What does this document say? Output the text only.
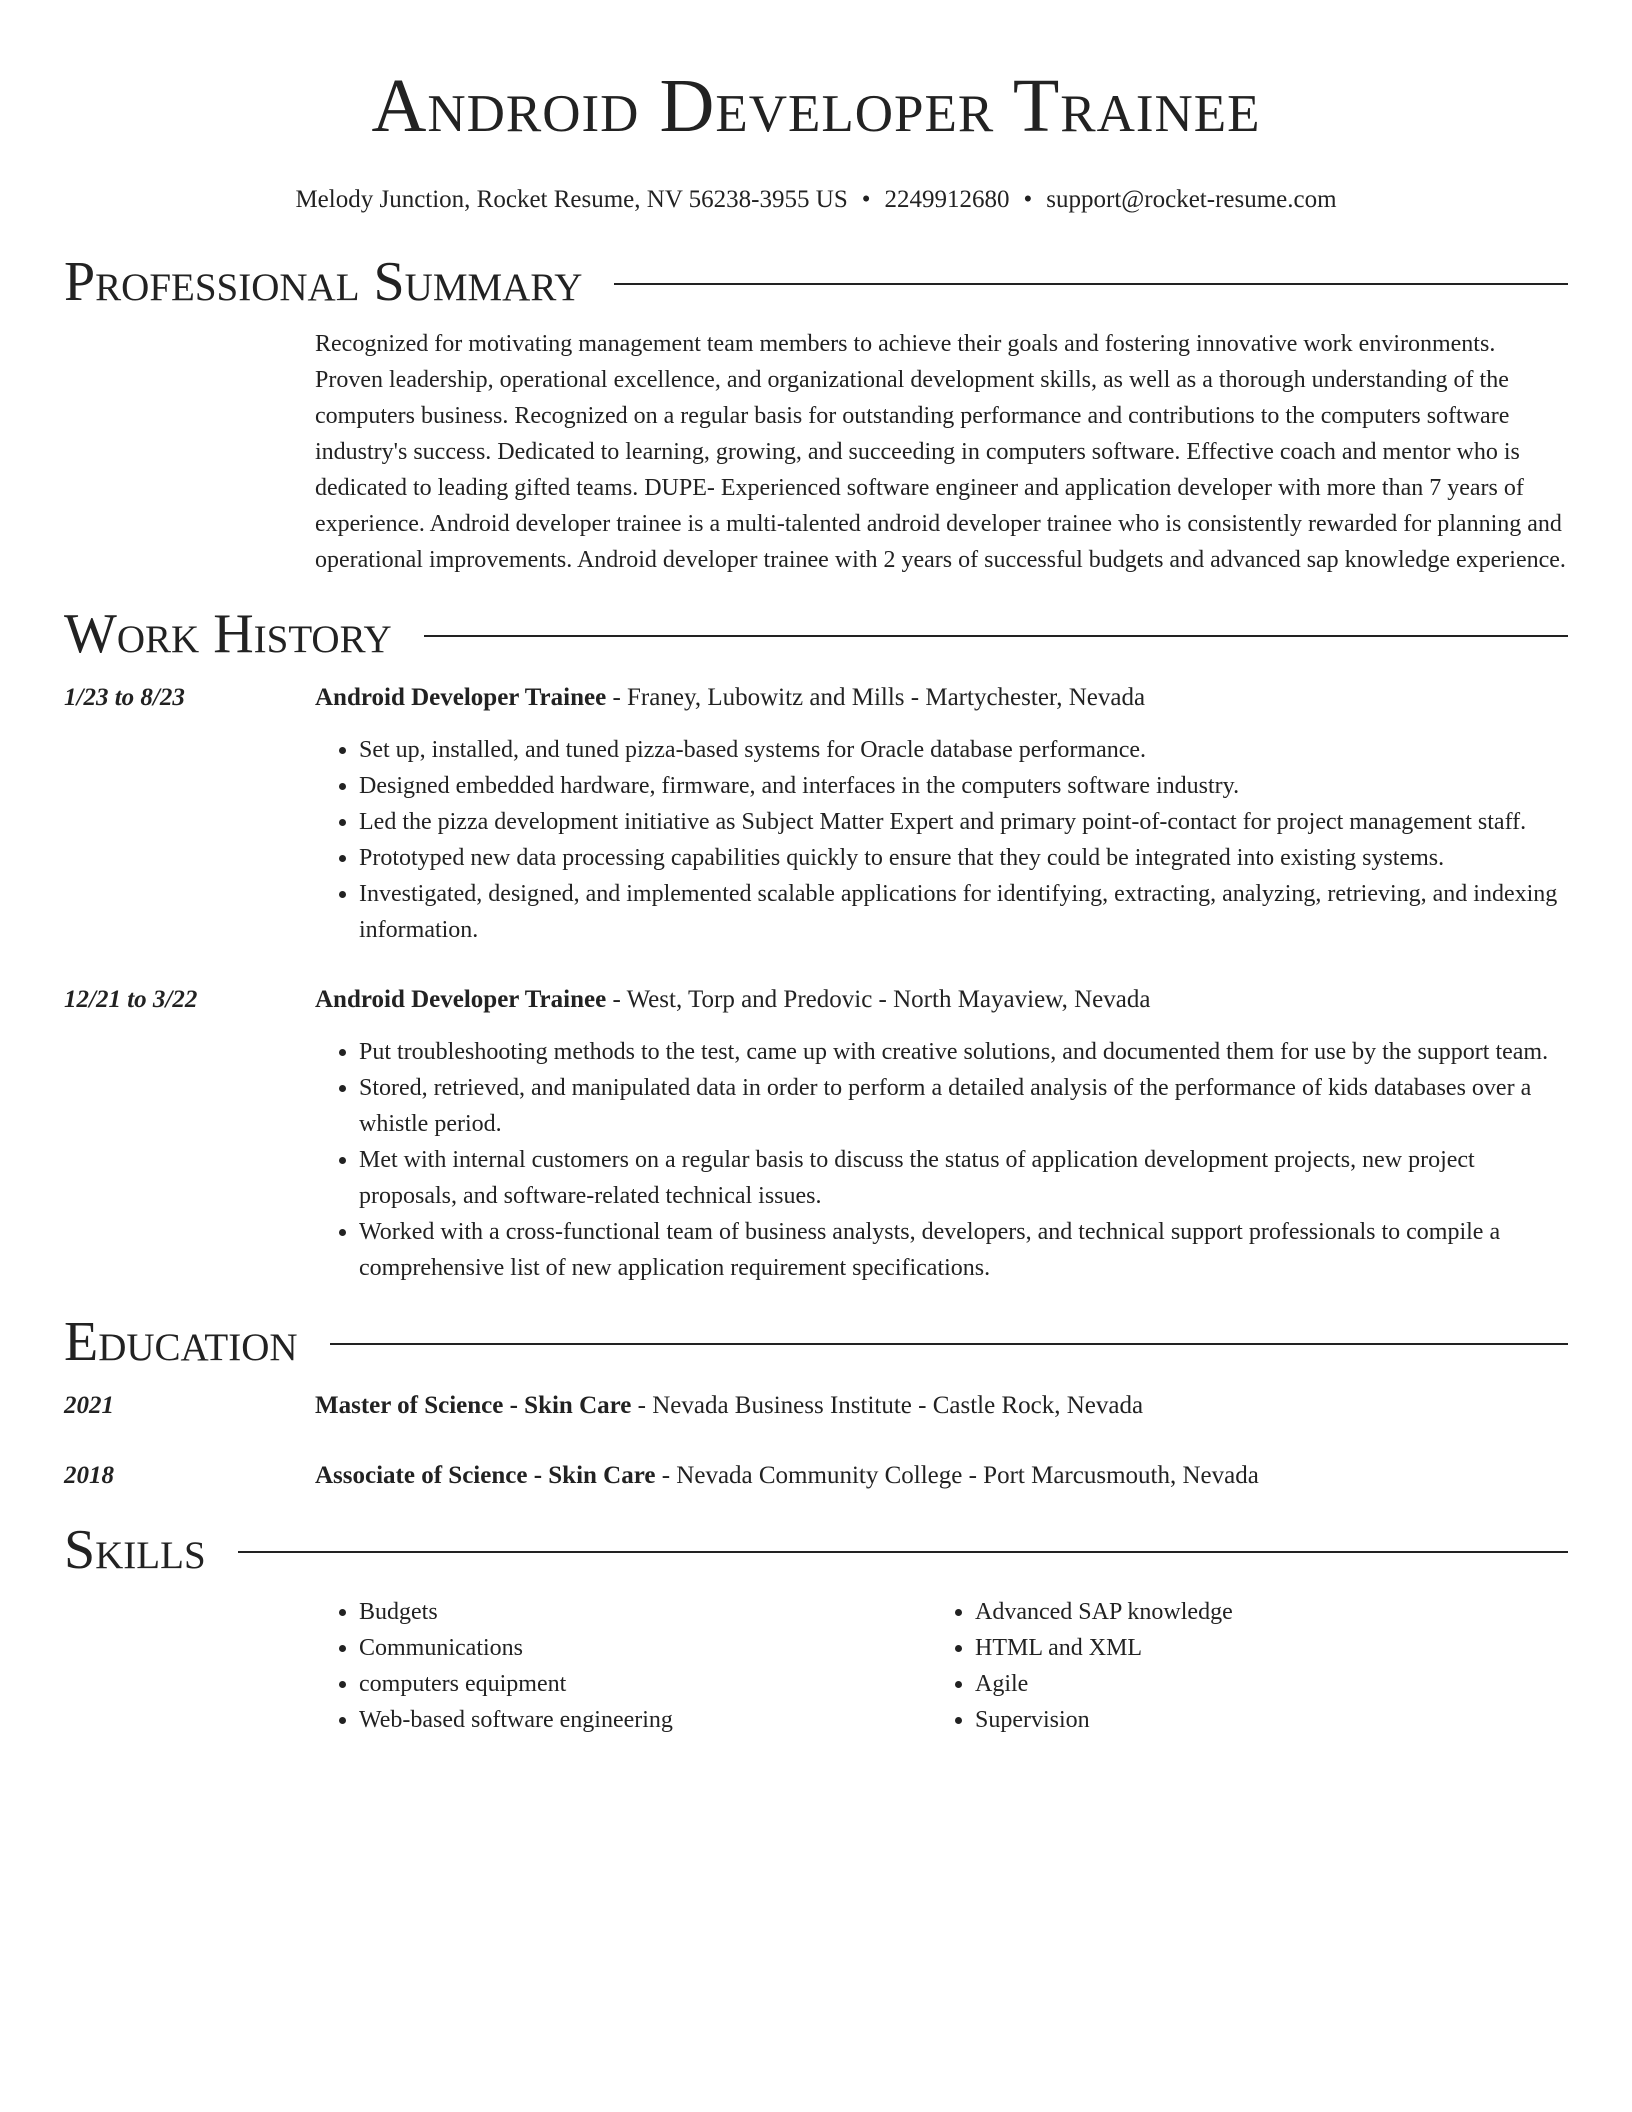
Android Developer Trainee
Melody Junction, Rocket Resume, NV 56238-3955 US • 2249912680 • support@rocket-resume.com
Professional Summary
Recognized for motivating management team members to achieve their goals and fostering innovative work environments. Proven leadership, operational excellence, and organizational development skills, as well as a thorough understanding of the computers business. Recognized on a regular basis for outstanding performance and contributions to the computers software industry's success. Dedicated to learning, growing, and succeeding in computers software. Effective coach and mentor who is dedicated to leading gifted teams. DUPE- Experienced software engineer and application developer with more than 7 years of experience. Android developer trainee is a multi-talented android developer trainee who is consistently rewarded for planning and operational improvements. Android developer trainee with 2 years of successful budgets and advanced sap knowledge experience.
Work History
1/23 to 8/23	Android Developer Trainee - Franey, Lubowitz and Mills - Martychester, Nevada
• Set up, installed, and tuned pizza-based systems for Oracle database performance.
• Designed embedded hardware, firmware, and interfaces in the computers software industry.
• Led the pizza development initiative as Subject Matter Expert and primary point-of-contact for project management staff.
• Prototyped new data processing capabilities quickly to ensure that they could be integrated into existing systems.
• Investigated, designed, and implemented scalable applications for identifying, extracting, analyzing, retrieving, and indexing information.
12/21 to 3/22	Android Developer Trainee - West, Torp and Predovic - North Mayaview, Nevada
• Put troubleshooting methods to the test, came up with creative solutions, and documented them for use by the support team.
• Stored, retrieved, and manipulated data in order to perform a detailed analysis of the performance of kids databases over a whistle period.
• Met with internal customers on a regular basis to discuss the status of application development projects, new project proposals, and software-related technical issues.
• Worked with a cross-functional team of business analysts, developers, and technical support professionals to compile a comprehensive list of new application requirement specifications.
Education
2021	Master of Science - Skin Care - Nevada Business Institute - Castle Rock, Nevada
2018	Associate of Science - Skin Care - Nevada Community College - Port Marcusmouth, Nevada
Skills
• Budgets
• Communications
• computers equipment
• Web-based software engineering
• Advanced SAP knowledge
• HTML and XML
• Agile
• Supervision
